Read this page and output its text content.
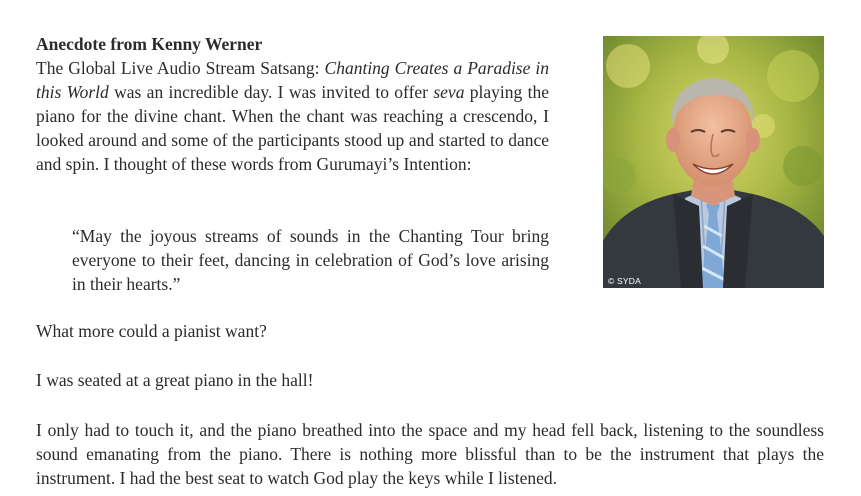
Anecdote from Kenny Werner

The Global Live Audio Stream Satsang: Chanting Creates a Paradise in this World was an incredible day. I was invited to offer seva playing the piano for the divine chant. When the chant was reaching a crescendo, I looked around and some of the participants stood up and started to dance and spin. I thought of these words from Gurumayi’s Intention:

“May the joyous streams of sounds in the Chanting Tour bring everyone to their feet, dancing in celebration of God’s love arising in their hearts.”

What more could a pianist want?

I was seated at a great piano in the hall!

I only had to touch it, and the piano breathed into the space and my head fell back, listening to the soundless sound emanating from the piano. There is nothing more blissful than to be the instrument that plays the instrument. I had the best seat to watch God play the keys while I listened.

© SYDA
